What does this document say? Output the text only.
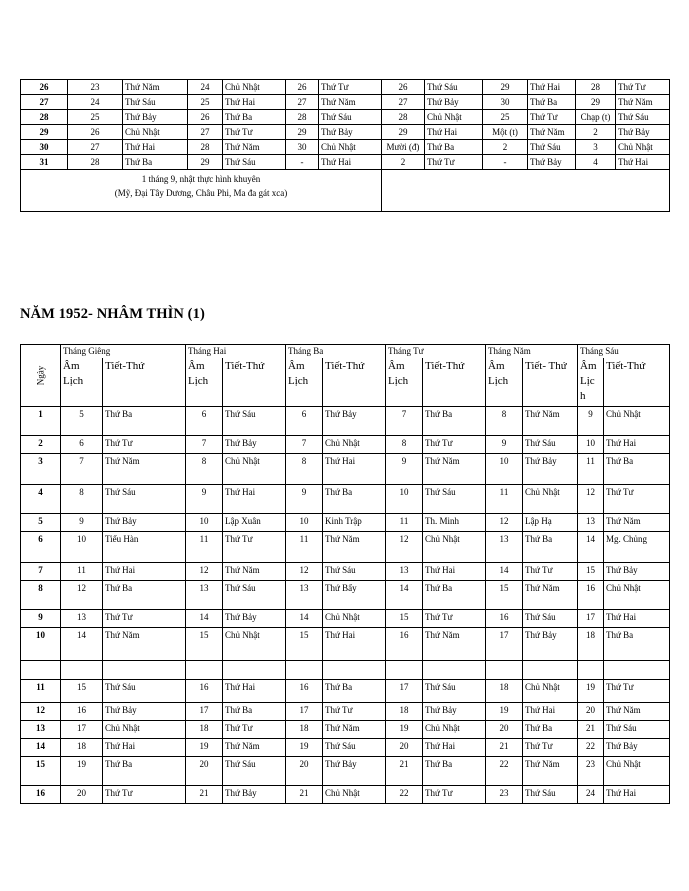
26	23	Thứ Năm	24	Chủ Nhật	26	Thứ Tư	26	Thứ Sáu	29	Thứ Hai	28	Thứ Tư
27	24	Thứ Sáu	25	Thứ Hai	27	Thứ Năm	27	Thứ Bảy	30	Thứ Ba	29	Thứ Năm
28	25	Thứ Bảy	26	Thứ Ba	28	Thứ Sáu	28	Chủ Nhật	25	Thứ Tư	Chạp (t)	Thứ Sáu
29	26	Chủ Nhật	27	Thứ Tư	29	Thứ Bảy	29	Thứ Hai	Một (t)	Thứ Năm	2	Thứ Bảy
30	27	Thứ Hai	28	Thứ Năm	30	Chủ Nhật	Mười (đ)	Thứ Ba	2	Thứ Sáu	3	Chủ Nhật
31	28	Thứ Ba	29	Thứ Sáu	-	Thứ Hai	2	Thứ Tư	-	Thứ Bảy	4	Thứ Hai

1 tháng 9, nhật thực hình khuyên
(Mỹ, Đại Tây Dương, Châu Phi, Ma đa gát xca)												

NĂM 1952- NHÂM THÌN (1)
Ngày	Tháng Giêng		Tháng Hai		Tháng Ba		Tháng Tư		Tháng Năm		Tháng Sáu	
	Âm Lịch	Tiết-Thứ	Âm Lịch	Tiết-Thứ	Âm Lịch	Tiết-Thứ	Âm Lịch	Tiết-Thứ	Âm Lịch	Tiết- Thứ	Âm Lịc h	Tiết-Thứ
1	5	Thứ Ba	6	Thứ Sáu	6	Thứ Bảy	7	Thứ Ba	8	Thứ Năm	9	Chủ Nhật
2	6	Thứ Tư	7	Thứ Bảy	7	Chủ Nhật	8	Thứ Tư	9	Thứ Sáu	10	Thứ Hai
3	7	Thứ Năm	8	Chủ Nhật	8	Thứ Hai	9	Thứ Năm	10	Thứ Bảy	11	Thứ Ba
4	8	Thứ Sáu	9	Thứ Hai	9	Thứ Ba	10	Thứ Sáu	11	Chủ Nhật	12	Thứ Tư
5	9	Thứ Bảy	10	Lập Xuân	10	Kinh Trập	11	Th. Minh	12	Lập Hạ	13	Thứ Năm
6	10	Tiểu Hàn	11	Thứ Tư	11	Thứ Năm	12	Chủ Nhật	13	Thứ Ba	14	Mg. Chủng
7	11	Thứ Hai	12	Thứ Năm	12	Thứ Sáu	13	Thứ Hai	14	Thứ Tư	15	Thứ Bảy
8	12	Thứ Ba	13	Thứ Sáu	13	Thứ Bẩy	14	Thứ Ba	15	Thứ Năm	16	Chủ Nhật
9	13	Thứ Tư	14	Thứ Bảy	14	Chủ Nhật	15	Thứ Tư	16	Thứ Sáu	17	Thứ Hai
10	14	Thứ Năm	15	Chủ Nhật	15	Thứ Hai	16	Thứ Năm	17	Thứ Bảy	18	Thứ Ba

11	15	Thứ Sáu	16	Thứ Hai	16	Thứ Ba	17	Thứ Sáu	18	Chủ Nhật	19	Thứ Tư
12	16	Thứ Bảy	17	Thứ Ba	17	Thứ Tư	18	Thứ Bảy	19	Thứ Hai	20	Thứ Năm
13	17	Chủ Nhật	18	Thứ Tư	18	Thứ Năm	19	Chủ Nhật	20	Thứ Ba	21	Thứ Sáu
14	18	Thứ Hai	19	Thứ Năm	19	Thứ Sáu	20	Thứ Hai	21	Thứ Tư	22	Thứ Bảy
15	19	Thứ Ba	20	Thứ Sáu	20	Thứ Bảy	21	Thứ Ba	22	Thứ Năm	23	Chủ Nhật
16	20	Thứ Tư	21	Thứ Bảy	21	Chủ Nhật	22	Thứ Tư	23	Thứ Sáu	24	Thứ Hai
